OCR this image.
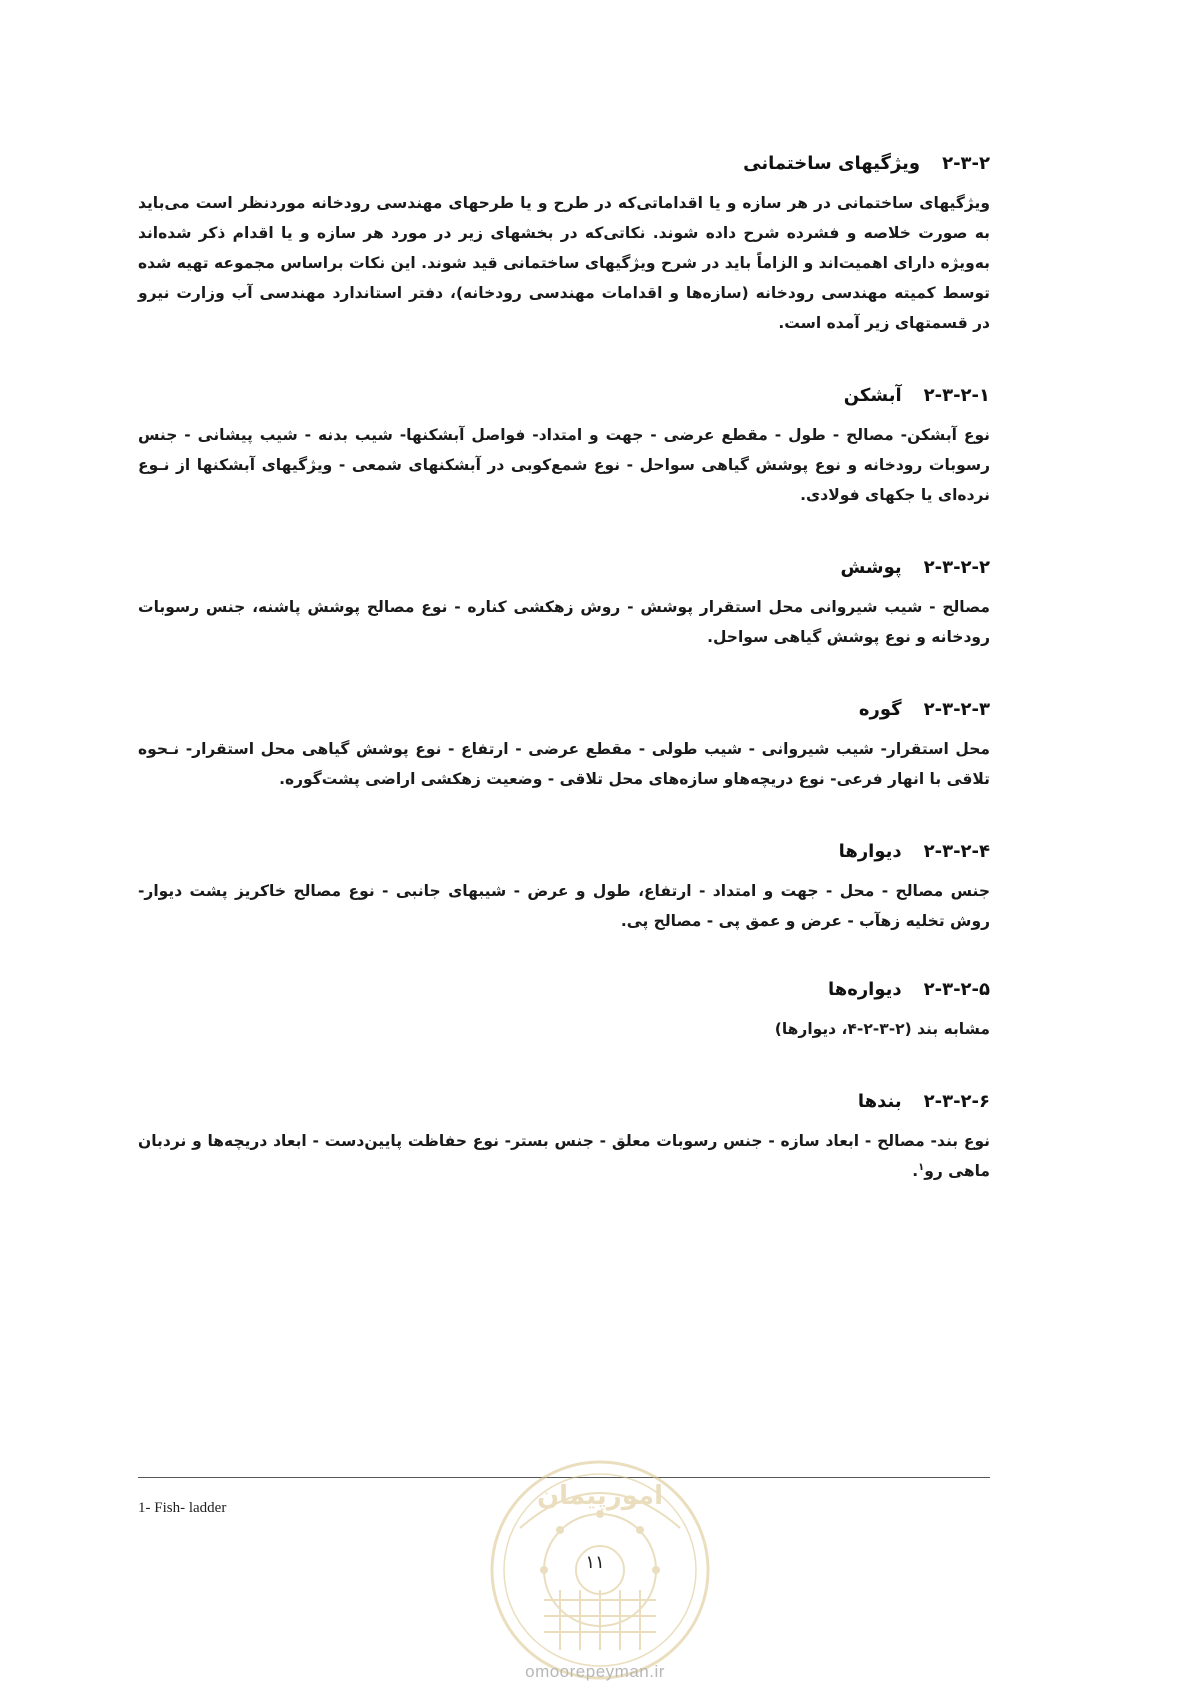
۲-۳-۲ویژگیهای ساختمانی

ویژگیهای ساختمانی در هر سازه و یا اقداماتی‌که در طرح و یا طرحهای مهندسی رودخانه موردنظر است می‌باید به صورت خلاصه و فشرده شرح داده شوند. نکاتی‌که در بخشهای زیر در مورد هر سازه و یا اقدام ذکر شده‌اند به‌ویژه دارای اهمیت‌اند و الزاماً باید در شرح ویژگیهای ساختمانی قید شوند. این نکات براساس مجموعه تهیه شده توسط کمیته مهندسی رودخانه (سازه‌ها و اقدامات مهندسی رودخانه)، دفتر استاندارد مهندسی آب وزارت نیرو در قسمتهای زیر آمده است.

۲-۳-۲-۱آبشکن

نوع آبشکن- مصالح - طول - مقطع عرضی - جهت و امتداد- فواصل آبشکنها- شیب بدنه - شیب پیشانی - جنس رسوبات رودخانه و نوع پوشش گیاهی سواحل - نوع شمع‌کوبی در آبشکنهای شمعی - ویژگیهای آبشکنها از نـوع نرده‌ای یا جکهای فولادی.

۲-۳-۲-۲پوشش

مصالح - شیب شیروانی محل استقرار پوشش - روش زهکشی کناره - نوع مصالح پوشش پاشنه، جنس رسوبات رودخانه و نوع پوشش گیاهی سواحل.

۲-۳-۲-۳گوره

محل استقرار- شیب شیروانی - شیب طولی - مقطع عرضی - ارتفاع - نوع پوشش گیاهی محل استقرار- نـحوه تلاقی با انهار فرعی- نوع دریچه‌هاو سازه‌های محل تلاقی - وضعیت زهکشی اراضی پشت‌گوره.

۲-۳-۲-۴دیوارها

جنس مصالح - محل - جهت و امتداد - ارتفاع، طول و عرض - شیبهای جانبی - نوع مصالح خاکریز پشت دیوار- روش تخلیه زهآب - عرض و عمق پی - مصالح پی.

۲-۳-۲-۵دیواره‌ها

مشابه بند (۲-۳-۲-۴، دیوارها)

۲-۳-۲-۶بندها

نوع بند- مصالح - ابعاد سازه - جنس رسوبات معلق - جنس بستر- نوع حفاظت پایین‌دست - ابعاد دریچه‌ها و نردبان ماهی رو$^۱$.

1- Fish- ladder	امورپیمان
۱۱
omoorepeyman.ir
